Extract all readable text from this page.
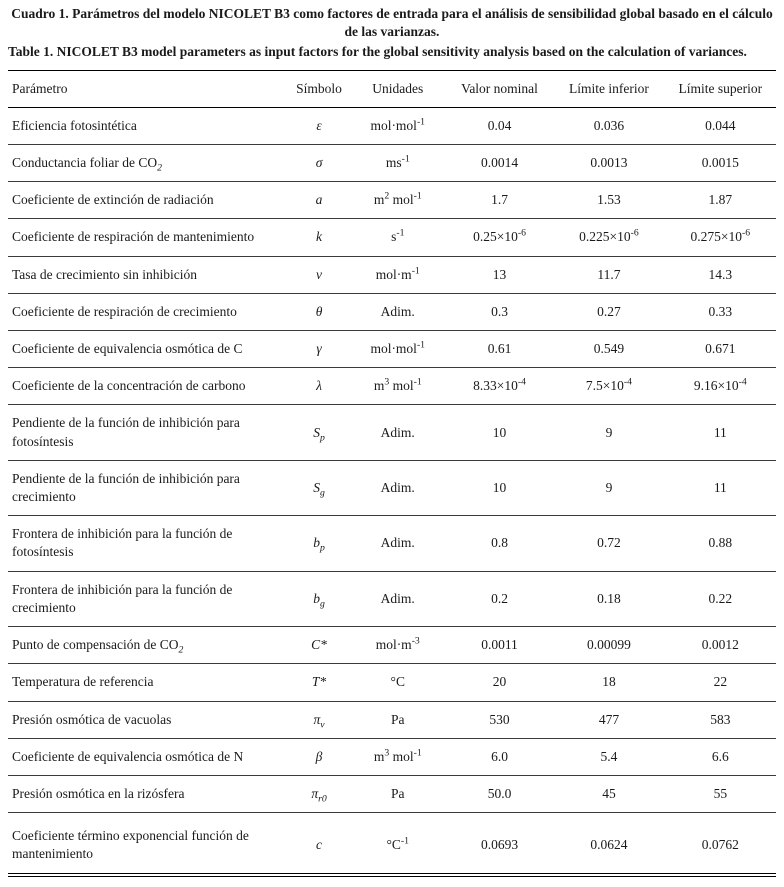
Cuadro 1. Parámetros del modelo NICOLET B3 como factores de entrada para el análisis de sensibilidad global basado en el cálculo de las varianzas.
Table 1. NICOLET B3 model parameters as input factors for the global sensitivity analysis based on the calculation of variances.
Parámetro	Símbolo	Unidades	Valor nominal	Límite inferior	Límite superior
Eficiencia fotosintética	ε	mol·mol$^{-1}$	0.04	0.036	0.044
Conductancia foliar de $CO_2$	σ	$ms^{-1}$	0.0014	0.0013	0.0015
Coeficiente de extinción de radiación	a	$m^2$ mol$^{-1}$	1.7	1.53	1.87
Coeficiente de respiración de mantenimiento	k	$s^{-1}$	$0.25\times 10^{-6}$	$0.225\times 10^{-6}$	$0.275\times 10^{-6}$
Tasa de crecimiento sin inhibición	ν	$mol\cdot m^{-1}$	13	11.7	14.3
Coeficiente de respiración de crecimiento	θ	Adim.	0.3	0.27	0.33
Coeficiente de equivalencia osmótica de C	γ	mol·mol$^{-1}$	0.61	0.549	0.671
Coeficiente de la concentración de carbono	λ	$m^3$ mol$^{-1}$	$8.33\times 10^{-4}$	$7.5\times 10^{-4}$	$9.16\times 10^{-4}$
Pendiente de la función de inhibición para fotosíntesis	$S_p$	Adim.	10	9	11
Pendiente de la función de inhibición para crecimiento	$S_g$	Adim.	10	9	11
Frontera de inhibición para la función de fotosíntesis	$b_p$	Adim.	0.8	0.72	0.88
Frontera de inhibición para la función de crecimiento	$b_g$	Adim.	0.2	0.18	0.22
Punto de compensación de $CO_2$	C*	$mol\cdot m^{-3}$	0.0011	0.00099	0.0012
Temperatura de referencia	T*	°C	20	18	22
Presión osmótica de vacuolas	$\pi_v$	Pa	530	477	583
Coeficiente de equivalencia osmótica de N	β	$m^3$ mol$^{-1}$	6.0	5.4	6.6
Presión osmótica en la rizósfera	$\pi_{r0}$	Pa	50.0	45	55
Coeficiente término exponencial función de mantenimiento	c	$^\circ C^{-1}$	0.0693	0.0624	0.0762
